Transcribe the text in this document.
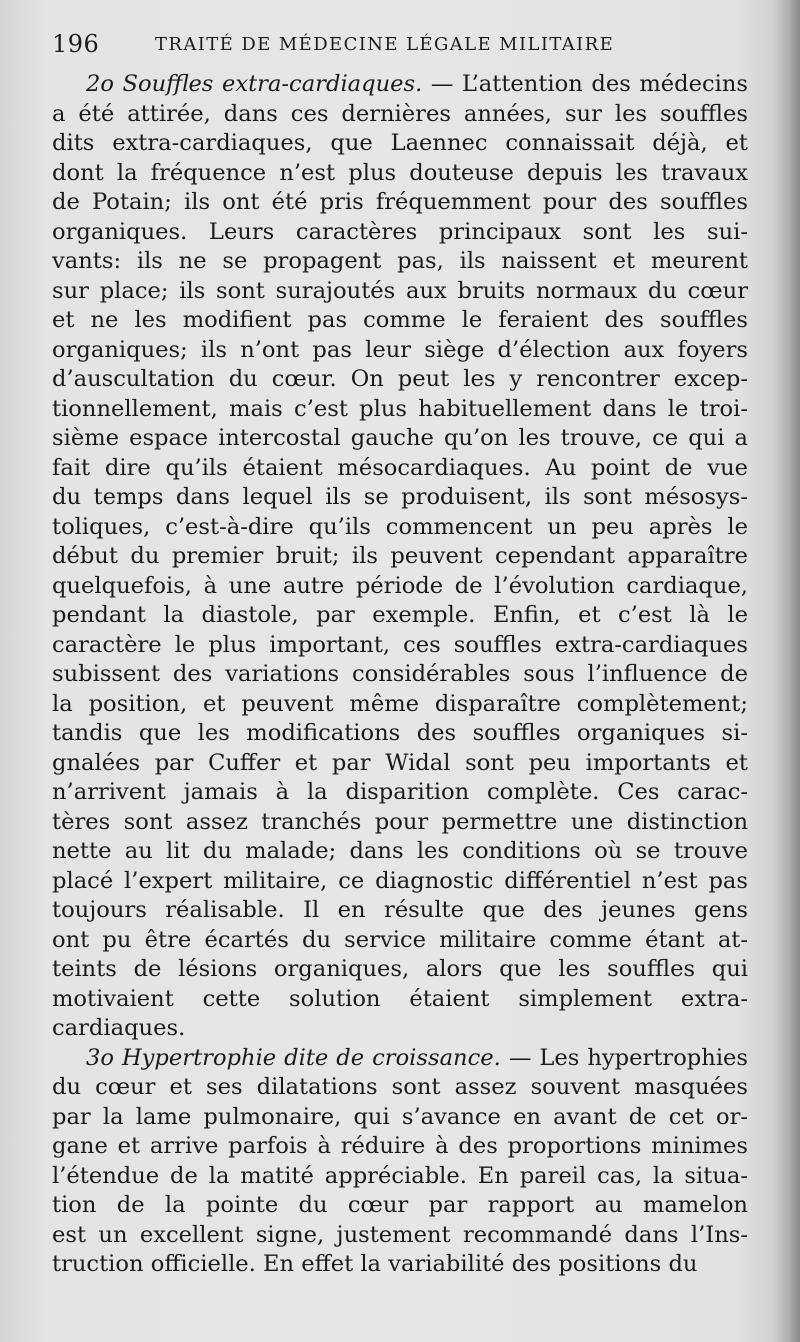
196	TRAITÉ DE MÉDECINE LÉGALE MILITAIRE
2o Souffles extra-cardiaques. — L’attention des médecins
a été attirée, dans ces dernières années, sur les souffles
dits extra-cardiaques, que Laennec connaissait déjà, et
dont la fréquence n’est plus douteuse depuis les travaux
de Potain; ils ont été pris fréquemment pour des souffles
organiques. Leurs caractères principaux sont les sui-
vants: ils ne se propagent pas, ils naissent et meurent
sur place; ils sont surajoutés aux bruits normaux du cœur
et ne les modifient pas comme le feraient des souffles
organiques; ils n’ont pas leur siège d’élection aux foyers
d’auscultation du cœur. On peut les y rencontrer excep-
tionnellement, mais c’est plus habituellement dans le troi-
sième espace intercostal gauche qu’on les trouve, ce qui a
fait dire qu’ils étaient mésocardiaques. Au point de vue
du temps dans lequel ils se produisent, ils sont mésosys-
toliques, c’est-à-dire qu’ils commencent un peu après le
début du premier bruit; ils peuvent cependant apparaître
quelquefois, à une autre période de l’évolution cardiaque,
pendant la diastole, par exemple. Enfin, et c’est là le
caractère le plus important, ces souffles extra-cardiaques
subissent des variations considérables sous l’influence de
la position, et peuvent même disparaître complètement;
tandis que les modifications des souffles organiques si-
gnalées par Cuffer et par Widal sont peu importants et
n’arrivent jamais à la disparition complète. Ces carac-
tères sont assez tranchés pour permettre une distinction
nette au lit du malade; dans les conditions où se trouve
placé l’expert militaire, ce diagnostic différentiel n’est pas
toujours réalisable. Il en résulte que des jeunes gens
ont pu être écartés du service militaire comme étant at-
teints de lésions organiques, alors que les souffles qui
motivaient cette solution étaient simplement extra-
cardiaques.
3o Hypertrophie dite de croissance. — Les hypertrophies
du cœur et ses dilatations sont assez souvent masquées
par la lame pulmonaire, qui s’avance en avant de cet or-
gane et arrive parfois à réduire à des proportions minimes
l’étendue de la matité appréciable. En pareil cas, la situa-
tion de la pointe du cœur par rapport au mamelon
est un excellent signe, justement recommandé dans l’Ins-
truction officielle. En effet la variabilité des positions du
